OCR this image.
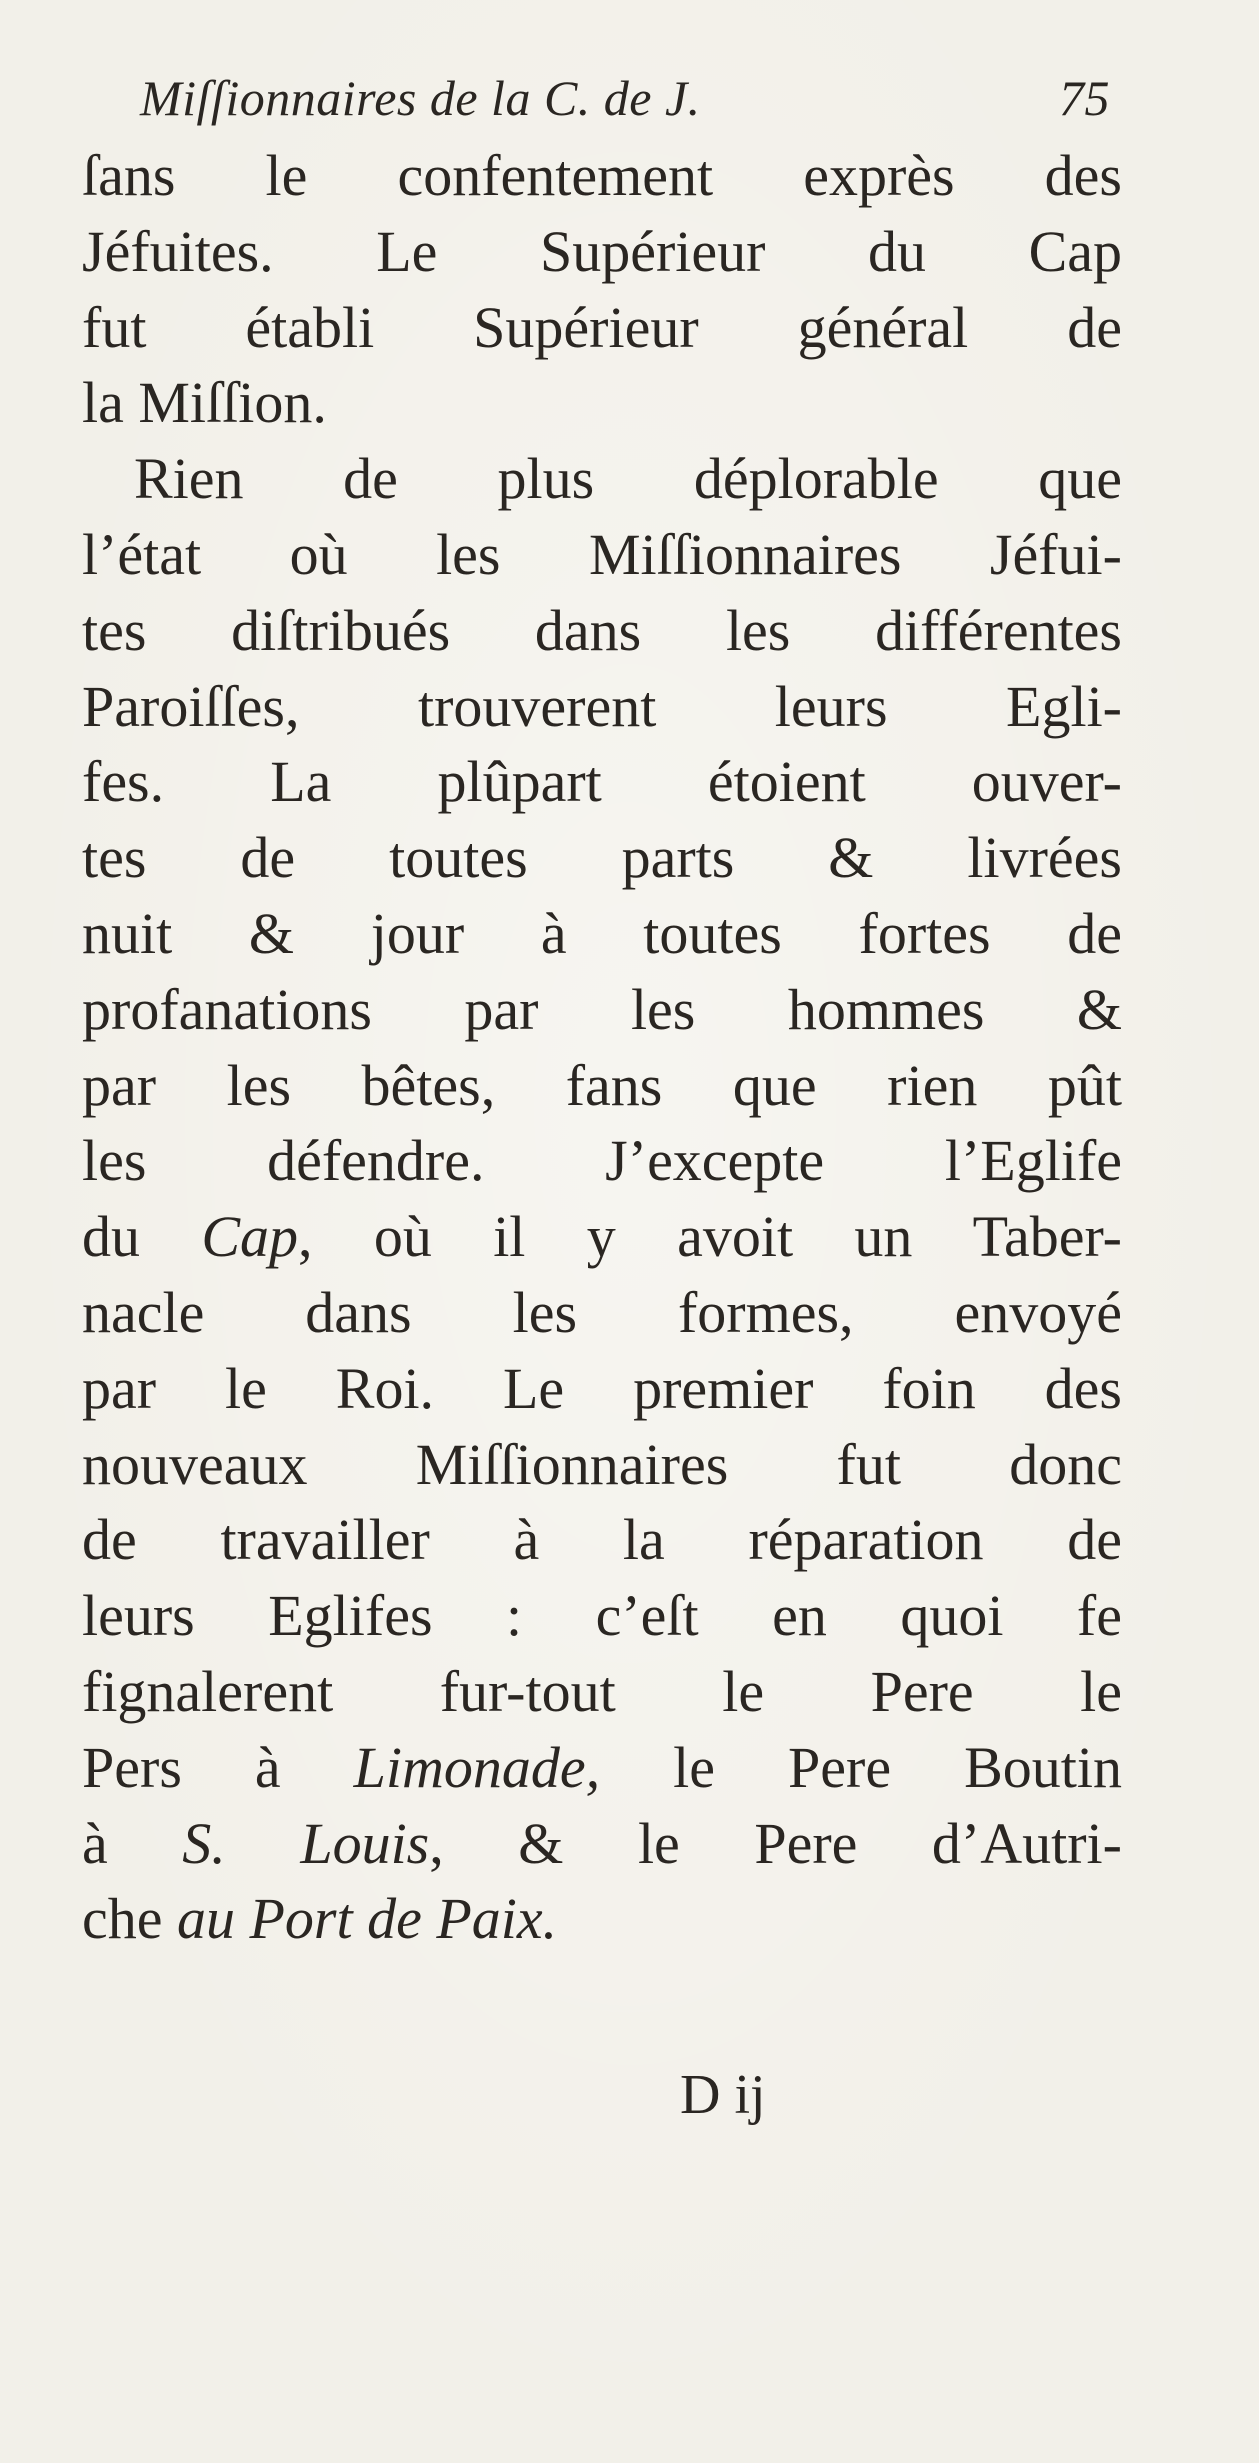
Miſſionnaires de la C. de J.	75
ſans le confentement exprès des
Jéfuites. Le Supérieur du Cap
fut établi Supérieur général de
la Miſſion.
Rien de plus déplorable que
l’état où les Miſſionnaires Jéfui-
tes diſtribués dans les différentes
Paroiſſes, trouverent leurs Egli-
fes. La plûpart étoient ouver-
tes de toutes parts & livrées
nuit & jour à toutes fortes de
profanations par les hommes &
par les bêtes, fans que rien pût
les défendre. J’excepte l’Eglife
du Cap, où il y avoit un Taber-
nacle dans les formes, envoyé
par le Roi. Le premier foin des
nouveaux Miſſionnaires fut donc
de travailler à la réparation de
leurs Eglifes : c’eſt en quoi fe
fignalerent fur-tout le Pere le
Pers à Limonade, le Pere Boutin
à S. Louis, & le Pere d’Autri-
che au Port de Paix.
D ij
